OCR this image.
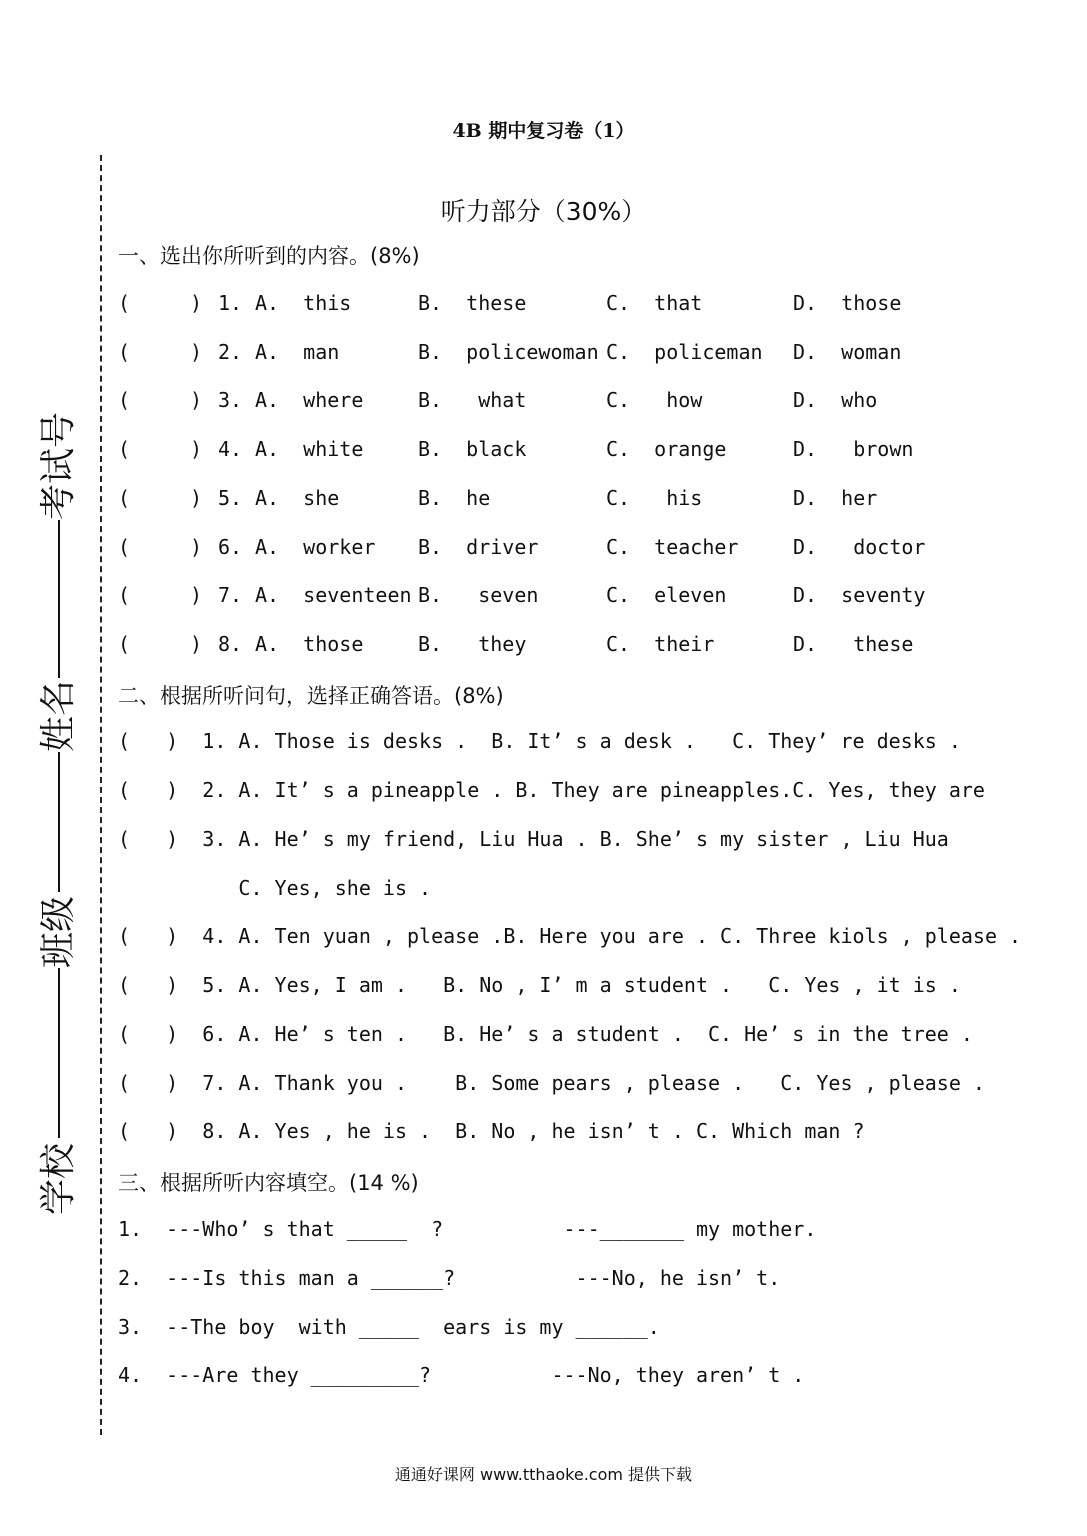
4B 期中复习卷（1）
听力部分（30%）
考试号
姓名
班级
学校
一、选出你所听到的内容。(8%)
(	) 1. A.  this	B.  these	C.  that	D.  those
(	) 2. A.  man	B.  policewoman C.  policeman D.  woman
(	) 3. A.  where	B.   what	C.   how	D.  who
(	) 4. A.  white	B.  black	C.  orange	D.   brown
(	) 5. A.  she	B.  he	C.   his	D.  her
(	) 6. A.  worker B.  driver	C.  teacher	D.   doctor
(	) 7. A.  seventeen B.   seven	C.  eleven	D.  seventy
(	) 8. A.  those	B.   they	C.  their	D.   these
二、根据所听问句，选择正确答语。(8%)
(   )  1. A. Those is desks .  B. It’ s a desk .   C. They’ re desks .
(   )  2. A. It’ s a pineapple . B. They are pineapples.C. Yes, they are
(   )  3. A. He’ s my friend, Liu Hua . B. She’ s my sister , Liu Hua
C. Yes, she is .
(   )  4. A. Ten yuan , please .B. Here you are . C. Three kiols , please .
(   )  5. A. Yes, I am .   B. No , I’ m a student .   C. Yes , it is .
(   )  6. A. He’ s ten .   B. He’ s a student .  C. He’ s in the tree .
(   )  7. A. Thank you .    B. Some pears , please .   C. Yes , please .
(   )  8. A. Yes , he is .  B. No , he isn’ t . C. Which man ?
三、根据所听内容填空。(14 %)
1.  ---Who’ s that _____  ?          ---_______ my mother.
2.  ---Is this man a ______?          ---No, he isn’ t.
3.  --The boy  with _____  ears is my ______.
4.  ---Are they _________?          ---No, they aren’ t .
通通好课网 www.tthaoke.com 提供下载
